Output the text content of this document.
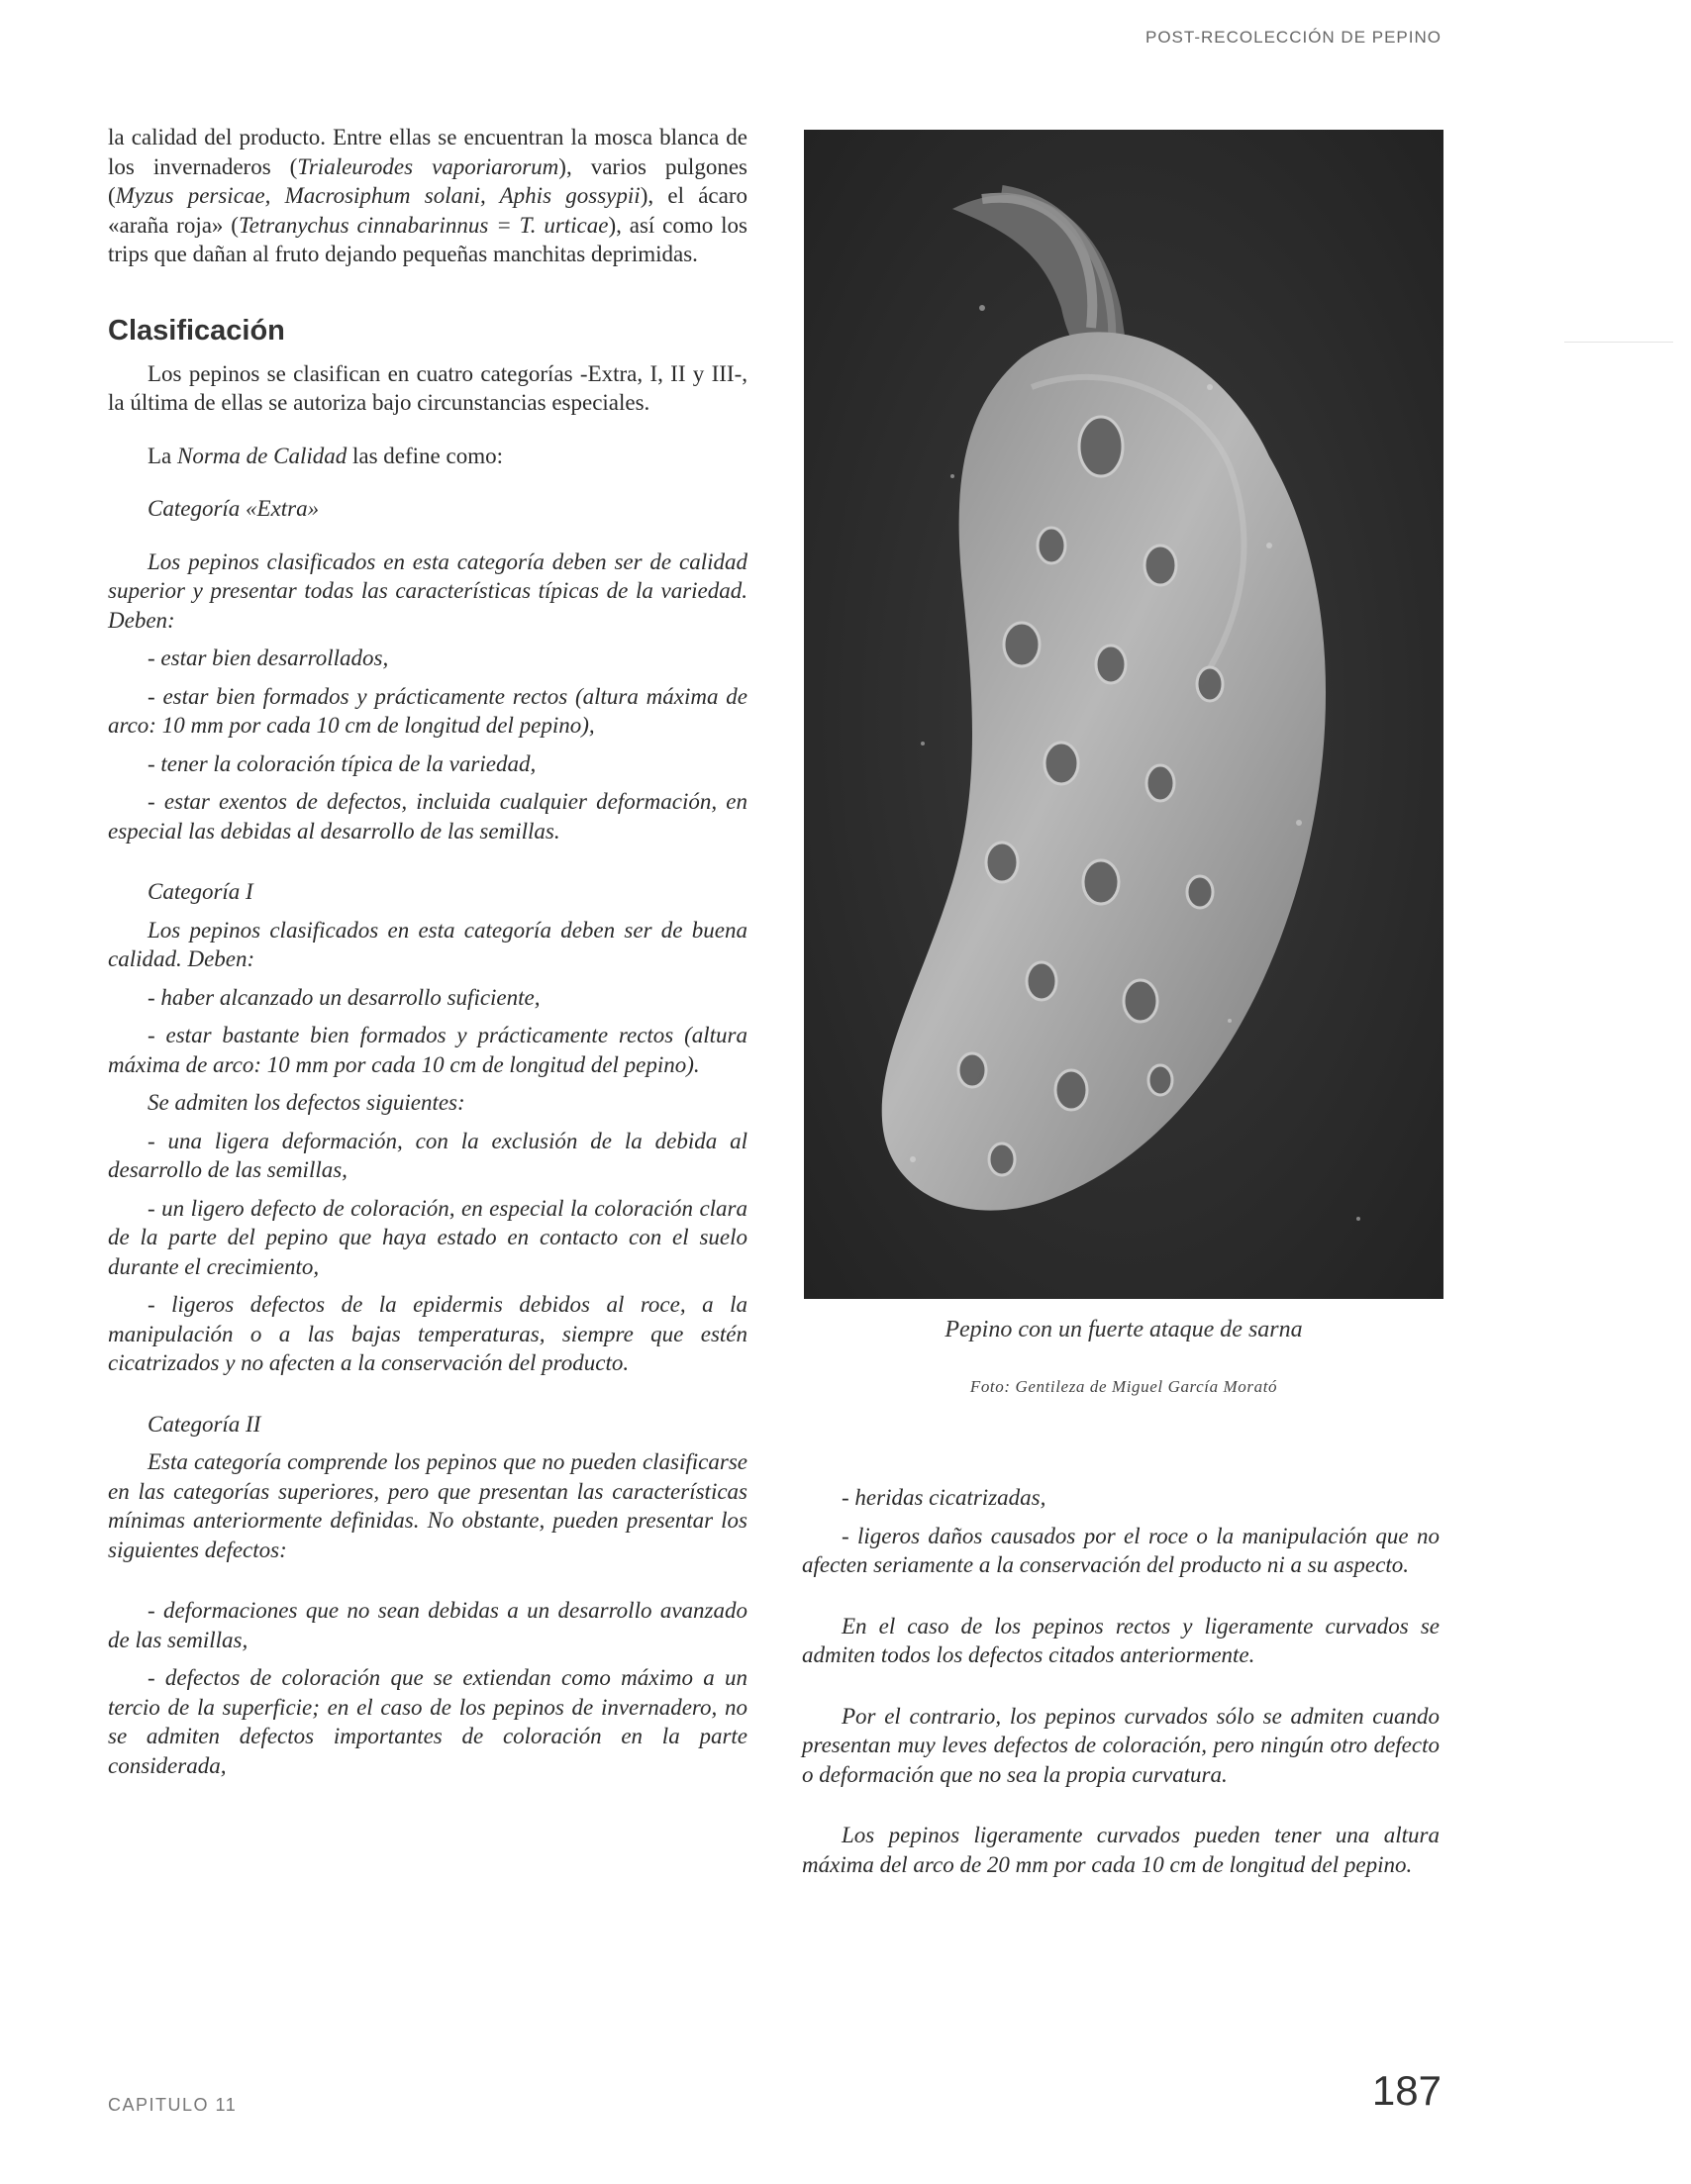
POST-RECOLECCIÓN DE PEPINO

la calidad del producto. Entre ellas se encuentran la mosca blanca de los invernaderos (Trialeurodes vaporiarorum), varios pulgones (Myzus persicae, Macrosiphum solani, Aphis gossypii), el ácaro «araña roja» (Tetranychus cinnabarinnus = T. urticae), así como los trips que dañan al fruto dejando pequeñas manchitas deprimidas.

Clasificación

Los pepinos se clasifican en cuatro categorías -Extra, I, II y III-, la última de ellas se autoriza bajo circunstancias especiales.

La Norma de Calidad las define como:

Categoría «Extra»

Los pepinos clasificados en esta categoría deben ser de calidad superior y presentar todas las características típicas de la variedad. Deben:

- estar bien desarrollados,

- estar bien formados y prácticamente rectos (altura máxima de arco: 10 mm por cada 10 cm de longitud del pepino),

- tener la coloración típica de la variedad,

- estar exentos de defectos, incluida cualquier deformación, en especial las debidas al desarrollo de las semillas.

Categoría I

Los pepinos clasificados en esta categoría deben ser de buena calidad. Deben:

- haber alcanzado un desarrollo suficiente,

- estar bastante bien formados y prácticamente rectos (altura máxima de arco: 10 mm por cada 10 cm de longitud del pepino).

Se admiten los defectos siguientes:

- una ligera deformación, con la exclusión de la debida al desarrollo de las semillas,

- un ligero defecto de coloración, en especial la coloración clara de la parte del pepino que haya estado en contacto con el suelo durante el crecimiento,

- ligeros defectos de la epidermis debidos al roce, a la manipulación o a las bajas temperaturas, siempre que estén cicatrizados y no afecten a la conservación del producto.

Categoría II

Esta categoría comprende los pepinos que no pueden clasificarse en las categorías superiores, pero que presentan las características mínimas anteriormente definidas. No obstante, pueden presentar los siguientes defectos:

- deformaciones que no sean debidas a un desarrollo avanzado de las semillas,

- defectos de coloración que se extiendan como máximo a un tercio de la superficie; en el caso de los pepinos de invernadero, no se admiten defectos importantes de coloración en la parte considerada,

Pepino con un fuerte ataque de sarna
Foto: Gentileza de Miguel García Morató

- heridas cicatrizadas,

- ligeros daños causados por el roce o la manipulación que no afecten seriamente a la conservación del producto ni a su aspecto.

En el caso de los pepinos rectos y ligeramente curvados se admiten todos los defectos citados anteriormente.

Por el contrario, los pepinos curvados sólo se admiten cuando presentan muy leves defectos de coloración, pero ningún otro defecto o deformación que no sea la propia curvatura.

Los pepinos ligeramente curvados pueden tener una altura máxima del arco de 20 mm por cada 10 cm de longitud del pepino.

CAPITULO 11	187
